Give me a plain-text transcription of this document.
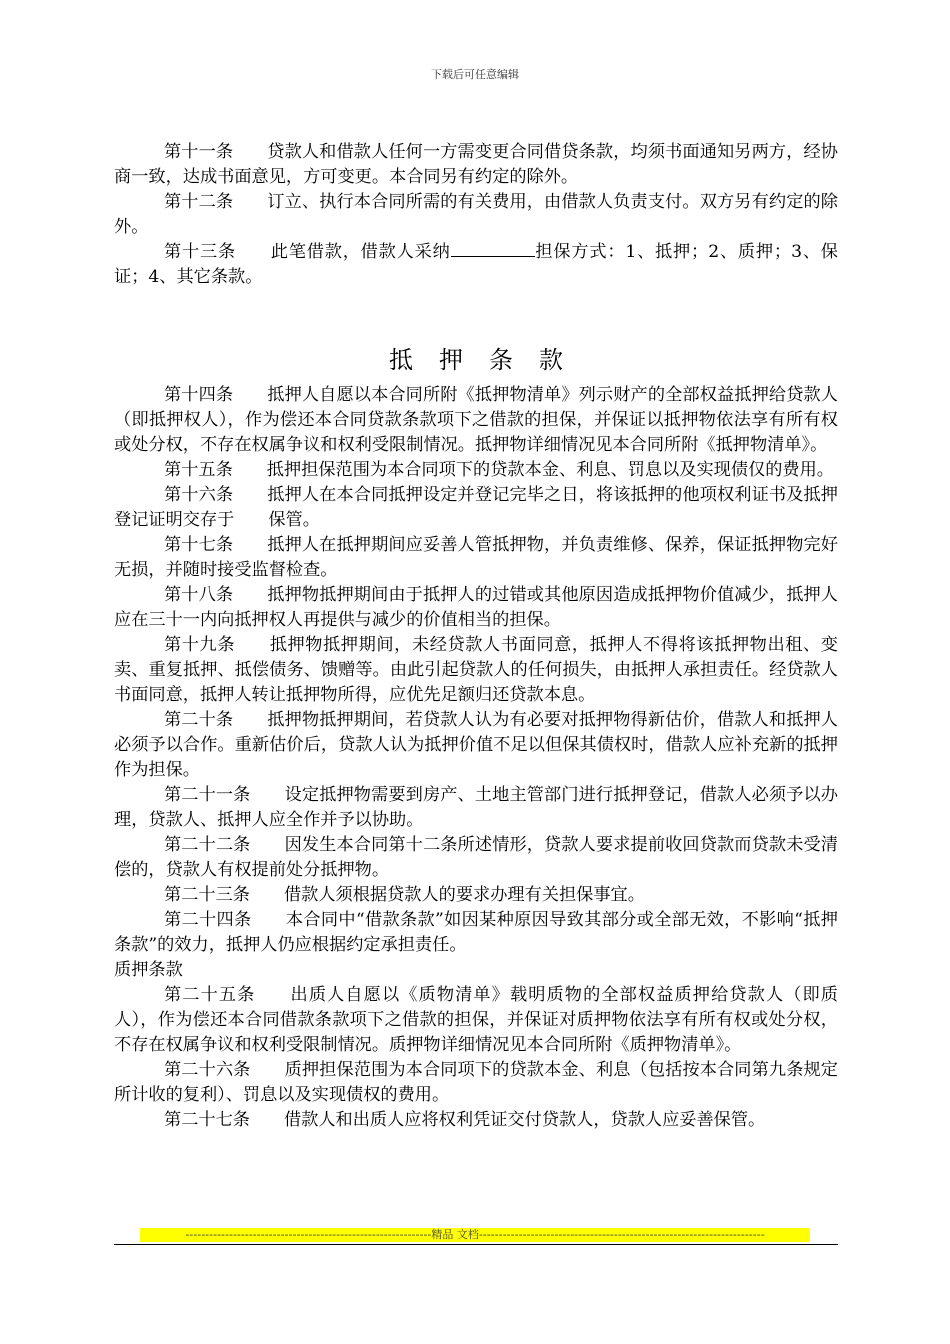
下载后可任意编辑

第十一条 贷款人和借款人任何一方需变更合同借贷条款，均须书面通知另两方，经协商一致，达成书面意见，方可变更。本合同另有约定的除外。

第十二条 订立、执行本合同所需的有关费用，由借款人负责支付。双方另有约定的除外。

第十三条 此笔借款，借款人采纳	担保方式：1、抵押；2、质押；3、保证；4、其它条款。

抵押条款

第十四条 抵押人自愿以本合同所附《抵押物清单》列示财产的全部权益抵押给贷款人（即抵押权人），作为偿还本合同贷款条款项下之借款的担保，并保证以抵押物依法享有所有权或处分权，不存在权属争议和权利受限制情况。抵押物详细情况见本合同所附《抵押物清单》。

第十五条 抵押担保范围为本合同项下的贷款本金、利息、罚息以及实现债仅的费用。

第十六条 抵押人在本合同抵押设定并登记完毕之日，将该抵押的他项权利证书及抵押登记证明交存于 保管。

第十七条 抵押人在抵押期间应妥善人管抵押物，并负责维修、保养，保证抵押物完好无损，并随时接受监督检查。

第十八条 抵押物抵押期间由于抵押人的过错或其他原因造成抵押物价值减少，抵押人应在三十一内向抵押权人再提供与减少的价值相当的担保。

第十九条 抵押物抵押期间，未经贷款人书面同意，抵押人不得将该抵押物出租、变卖、重复抵押、抵偿债务、馈赠等。由此引起贷款人的任何损失，由抵押人承担责任。经贷款人书面同意，抵押人转让抵押物所得，应优先足额归还贷款本息。

第二十条 抵押物抵押期间，若贷款人认为有必要对抵押物得新估价，借款人和抵押人必须予以合作。重新估价后，贷款人认为抵押价值不足以但保其债权时，借款人应补充新的抵押作为担保。

第二十一条 设定抵押物需要到房产、土地主管部门进行抵押登记，借款人必须予以办理，贷款人、抵押人应全作并予以协助。

第二十二条 因发生本合同第十二条所述情形，贷款人要求提前收回贷款而贷款未受清偿的，贷款人有权提前处分抵押物。

第二十三条 借款人须根据贷款人的要求办理有关担保事宜。

第二十四条 本合同中“借款条款”如因某种原因导致其部分或全部无效，不影响“抵押条款”的效力，抵押人仍应根据约定承担责任。

质押条款

第二十五条 出质人自愿以《质物清单》载明质物的全部权益质押给贷款人（即质人），作为偿还本合同借款条款项下之借款的担保，并保证对质押物依法享有所有权或处分权，不存在权属争议和权利受限制情况。质押物详细情况见本合同所附《质押物清单》。

第二十六条 质押担保范围为本合同项下的贷款本金、利息（包括按本合同第九条规定所计收的复利）、罚息以及实现债权的费用。

第二十七条 借款人和出质人应将权利凭证交付贷款人，贷款人应妥善保管。

--------------------------------------------------------------精品 文档------------------------------------------------------------------------
